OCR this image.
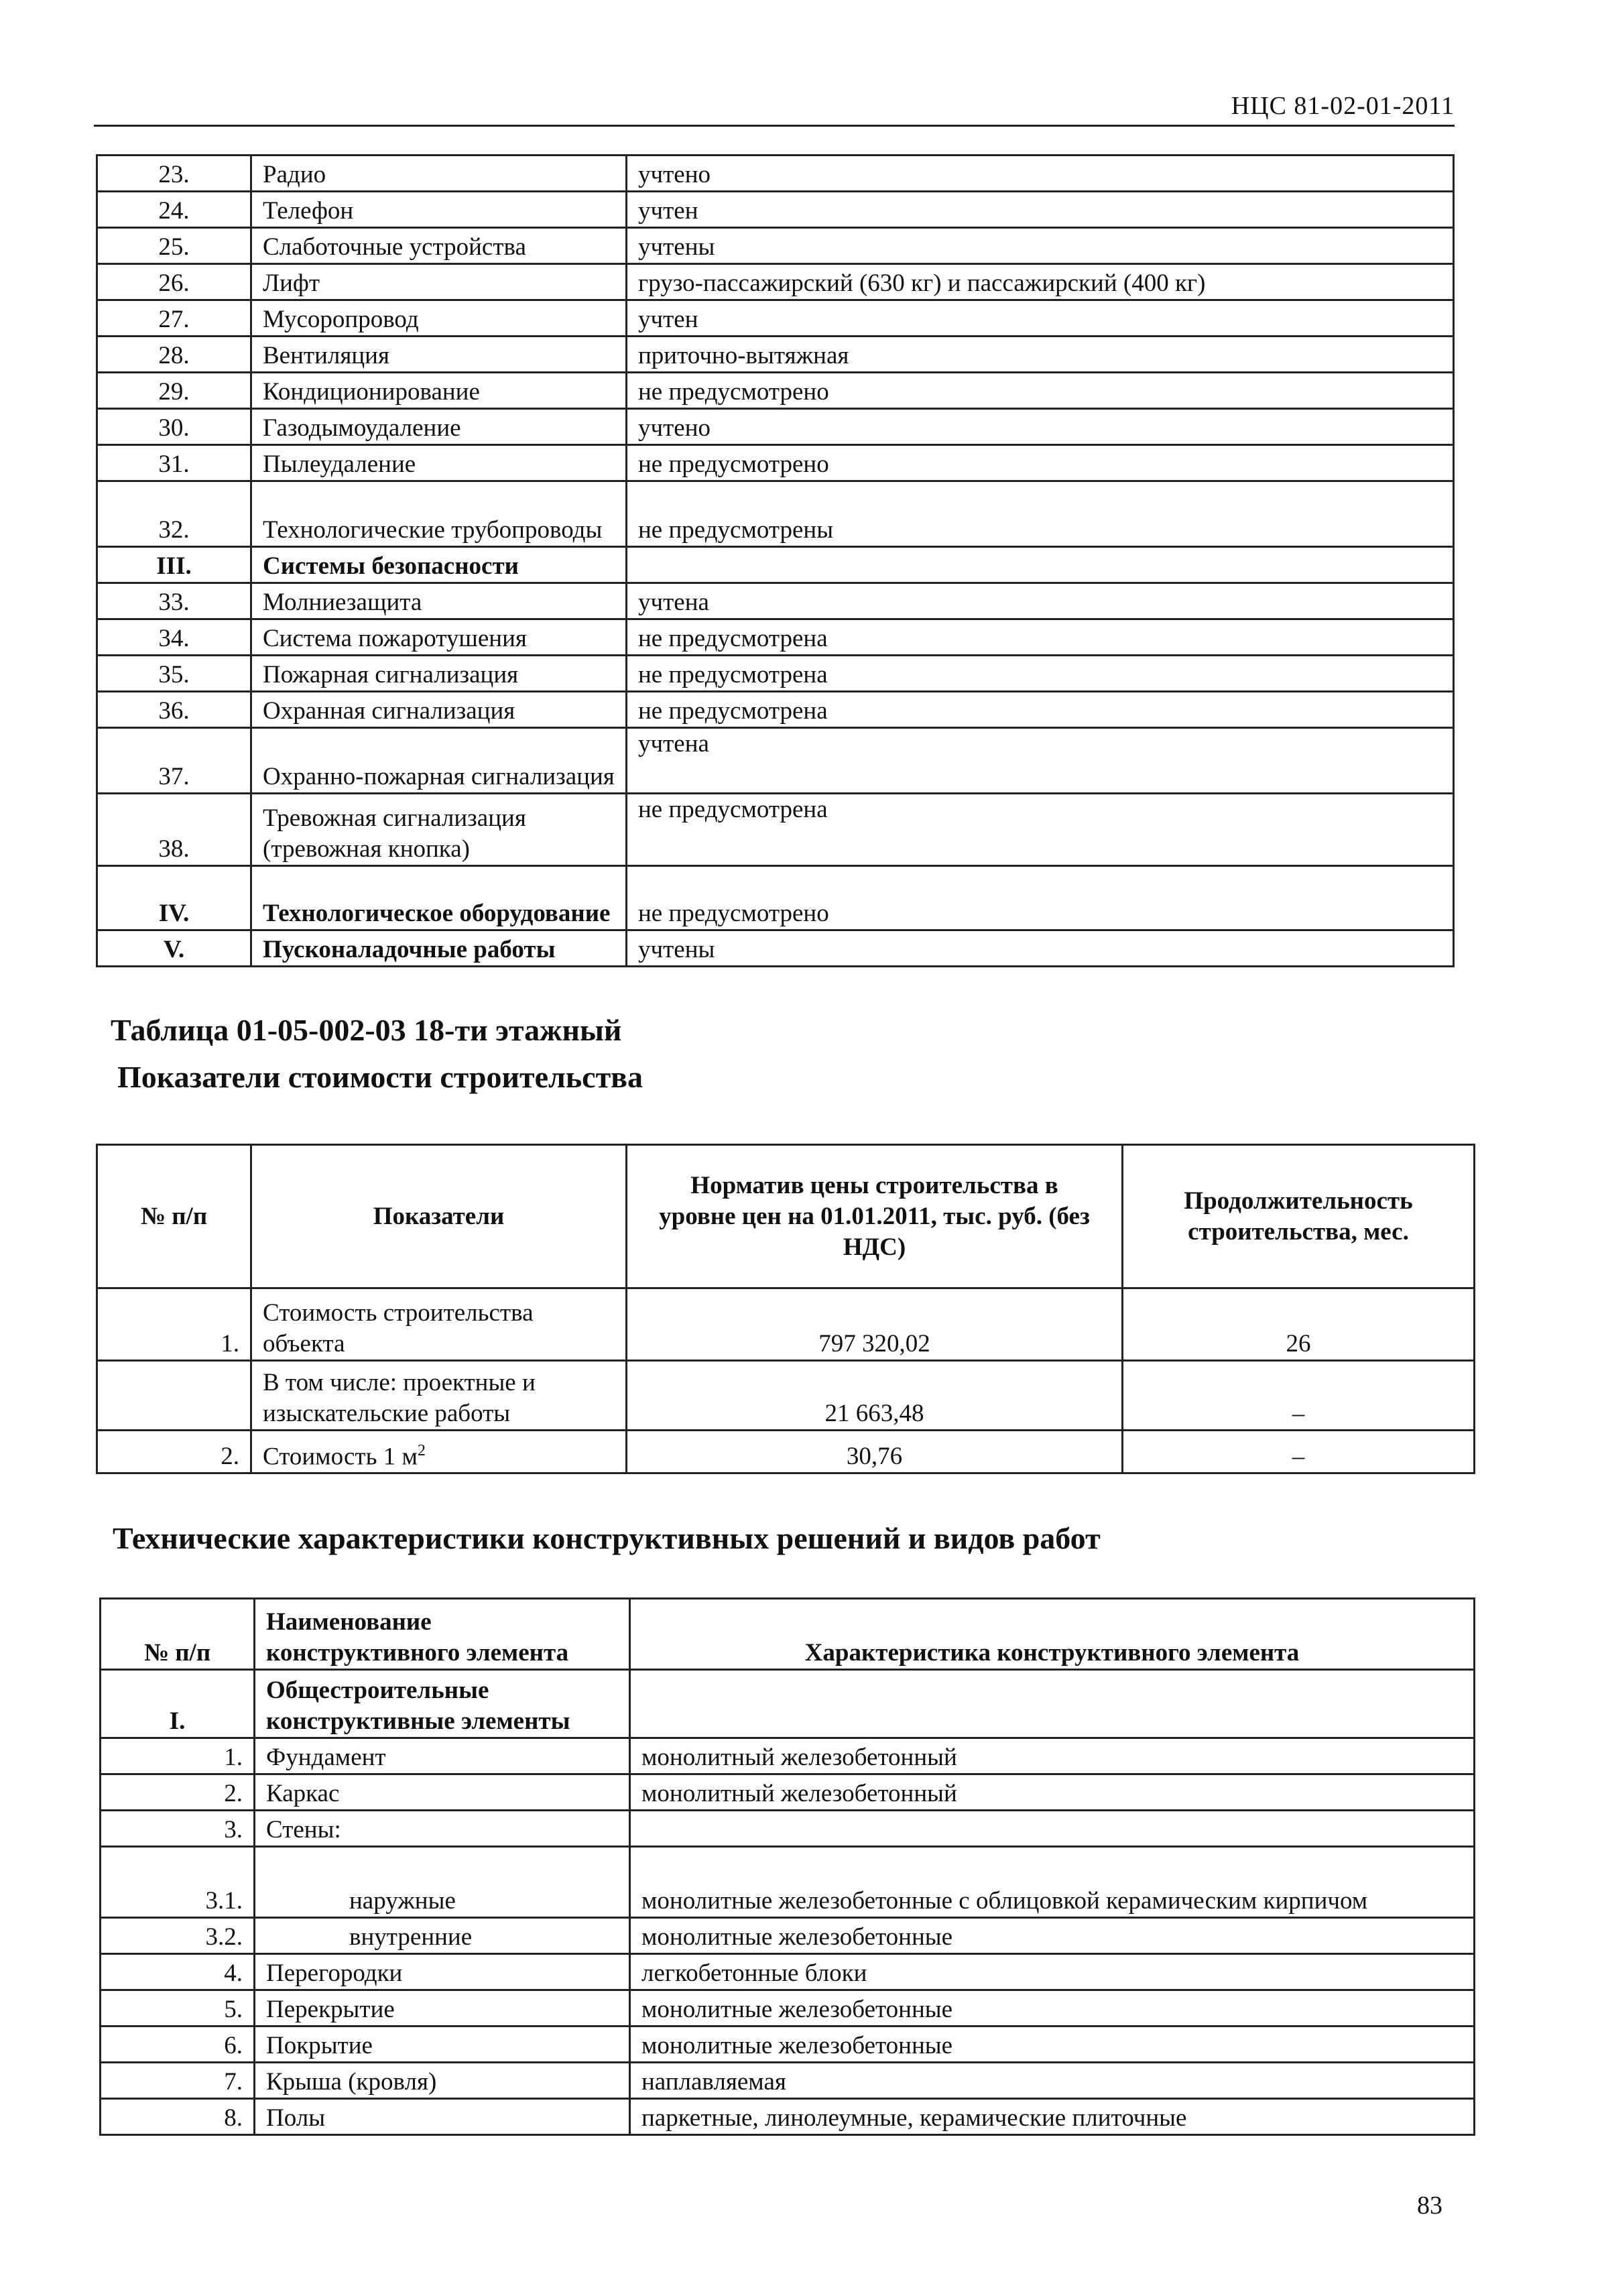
НЦС 81-02-01-2011
23.	Радио	учтено
24.	Телефон	учтен
25.	Слаботочные устройства	учтены
26.	Лифт	грузо-пассажирский (630 кг) и пассажирский (400 кг)
27.	Мусоропровод	учтен
28.	Вентиляция	приточно-вытяжная
29.	Кондиционирование	не предусмотрено
30.	Газодымоудаление	учтено
31.	Пылеудаление	не предусмотрено
32.	Технологические трубопроводы	не предусмотрены
III.	Системы безопасности	
33.	Молниезащита	учтена
34.	Система пожаротушения	не предусмотрена
35.	Пожарная сигнализация	не предусмотрена
36.	Охранная сигнализация	не предусмотрена
37.	Охранно-пожарная сигнализация	учтена
38.	Тревожная сигнализация (тревожная кнопка)	не предусмотрена
IV.	Технологическое оборудование	не предусмотрено
V.	Пусконаладочные работы	учтены
Таблица 01-05-002-03 18-ти этажный
Показатели стоимости строительства
№ п/п	Показатели	Норматив цены строительства в уровне цен на 01.01.2011, тыс. руб. (без НДС)	Продолжительность строительства, мес.
1.	Стоимость строительства объекта	797 320,02	26
	В том числе: проектные и изыскательские работы	21 663,48	–
2.	Стоимость 1 $м^2$	30,76	–
Технические характеристики конструктивных решений и видов работ
№ п/п	Наименование конструктивного элемента	Характеристика конструктивного элемента
I.	Общестроительные конструктивные элементы	
1.	Фундамент	монолитный железобетонный
2.	Каркас	монолитный железобетонный
3.	Стены:	
3.1.	наружные	монолитные железобетонные с облицовкой керамическим кирпичом
3.2.	внутренние	монолитные железобетонные
4.	Перегородки	легкобетонные блоки
5.	Перекрытие	монолитные железобетонные
6.	Покрытие	монолитные железобетонные
7.	Крыша (кровля)	наплавляемая
8.	Полы	паркетные, линолеумные, керамические плиточные
83
